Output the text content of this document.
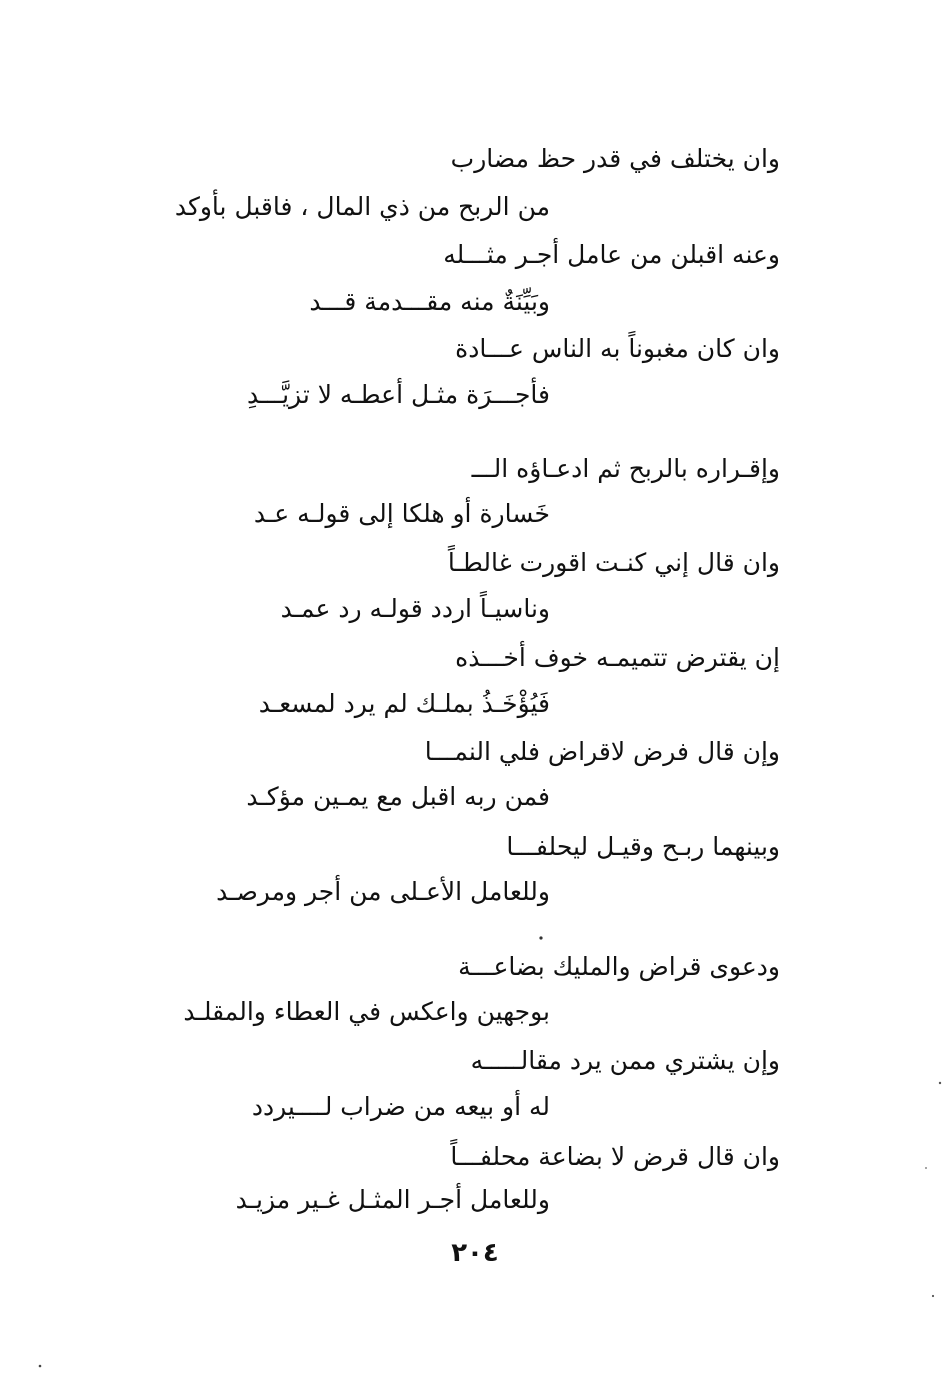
وان يختلف في قدر حظ مضارب
من الربح من ذي المال ، فاقبل بأوكد
وعنه اقبلن من عامل أجـر مثـــله
وبَيِّنَةٌ منه مقـــدمة قـــد
وان كان مغبوناً به الناس عـــادة
فأجـــرَة مثـل أعطـه لا تزيَّـــدِ
وإقـراره بالربح ثم ادعـاؤه الـــ
خَسارة أو هلكا إلى قولـه عـد
وان قال إني كنـت اقورت غالطـاً
وناسيـاً اردد قولـه رد عمـد
إن يقترض تتميمـه خوف أخـــذه
فَيُؤْخَـذُ بملـك لم يرد لمسعـد
وإن قال فرض لاقراض فلي النمـــا
فمن ربه اقبل مع يمـين مؤكـد
وبينهما ربـح وقيـل ليحلفـــا
وللعامل الأعـلى من أجر ومرصـد
ودعوى قراض والمليك بضاعـــة
بوجهين واعكس في العطاء والمقلـد
وإن يشتري ممن يرد مقالـــــه
له أو بيعه من ضراب لــــيردد
وان قال قرض لا بضاعة محلفـــاً
وللعامل أجـر المثـل غـير مزيـد
٢٠٤
